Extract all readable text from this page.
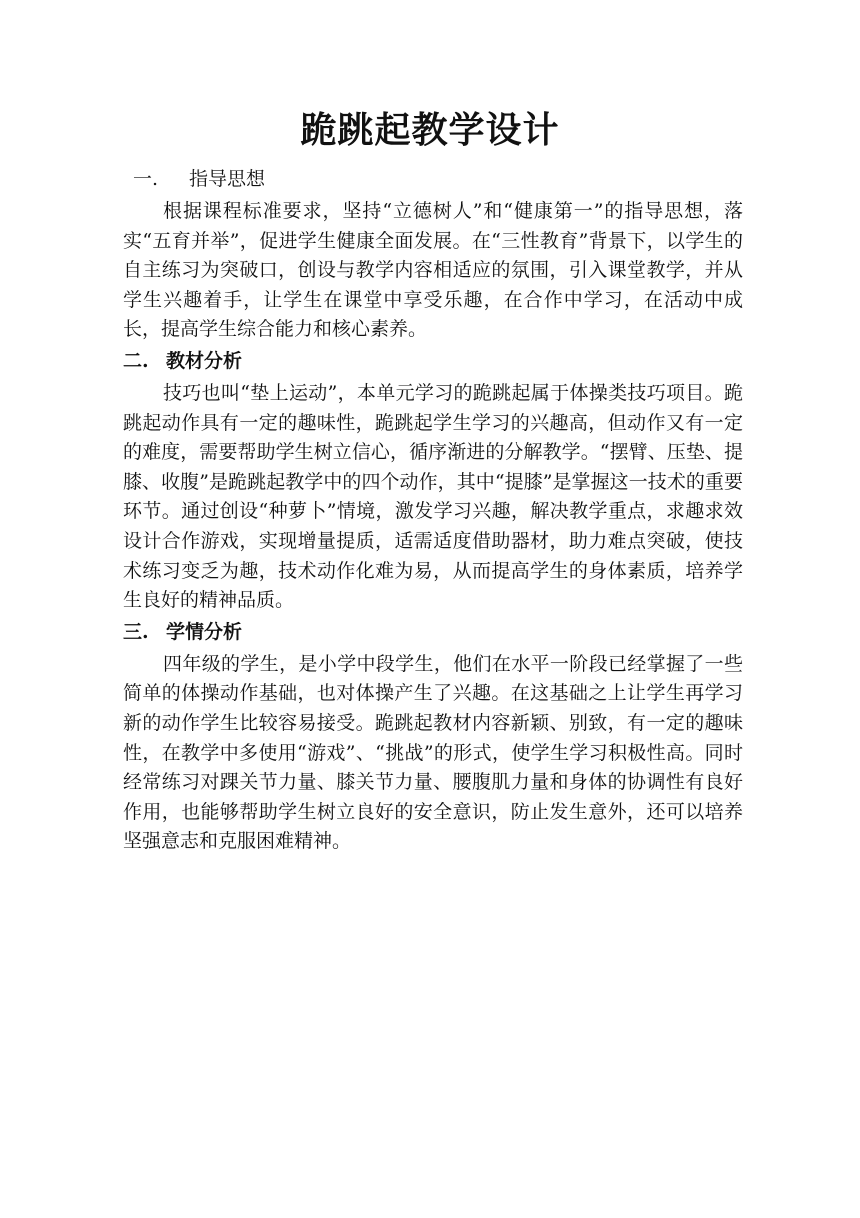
跪跳起教学设计
一. 指导思想

根据课程标准要求，坚持“立德树人”和“健康第一”的指导思想，落实“五育并举”，促进学生健康全面发展。在“三性教育”背景下，以学生的自主练习为突破口，创设与教学内容相适应的氛围，引入课堂教学，并从学生兴趣着手，让学生在课堂中享受乐趣，在合作中学习，在活动中成长，提高学生综合能力和核心素养。

二. 教材分析

技巧也叫“垫上运动”，本单元学习的跪跳起属于体操类技巧项目。跪跳起动作具有一定的趣味性，跪跳起学生学习的兴趣高，但动作又有一定的难度，需要帮助学生树立信心，循序渐进的分解教学。“摆臂、压垫、提膝、收腹”是跪跳起教学中的四个动作，其中“提膝”是掌握这一技术的重要环节。通过创设“种萝卜”情境，激发学习兴趣，解决教学重点，求趣求效设计合作游戏，实现增量提质，适需适度借助器材，助力难点突破，使技术练习变乏为趣，技术动作化难为易，从而提高学生的身体素质，培养学生良好的精神品质。

三. 学情分析

四年级的学生，是小学中段学生，他们在水平一阶段已经掌握了一些简单的体操动作基础，也对体操产生了兴趣。在这基础之上让学生再学习新的动作学生比较容易接受。跪跳起教材内容新颖、别致，有一定的趣味性，在教学中多使用“游戏”、“挑战”的形式，使学生学习积极性高。同时经常练习对踝关节力量、膝关节力量、腰腹肌力量和身体的协调性有良好作用，也能够帮助学生树立良好的安全意识，防止发生意外，还可以培养坚强意志和克服困难精神。
